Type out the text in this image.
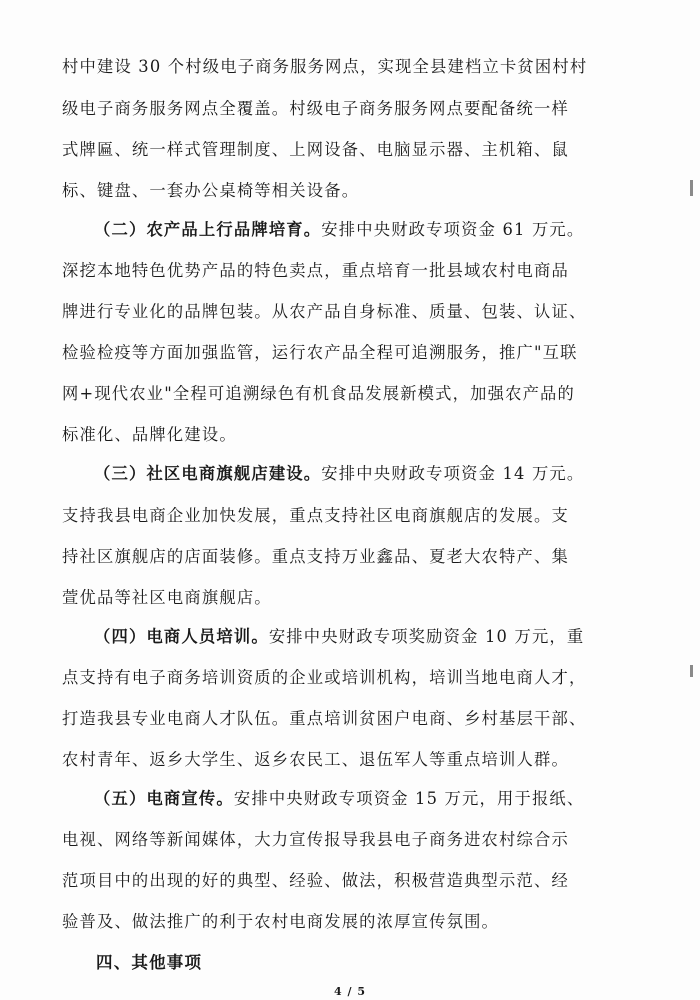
村中建设 30 个村级电子商务服务网点，实现全县建档立卡贫困村村
级电子商务服务网点全覆盖。村级电子商务服务网点要配备统一样
式牌匾、统一样式管理制度、上网设备、电脑显示器、主机箱、鼠
标、键盘、一套办公桌椅等相关设备。
（二）农产品上行品牌培育。安排中央财政专项资金 61 万元。
深挖本地特色优势产品的特色卖点，重点培育一批县域农村电商品
牌进行专业化的品牌包装。从农产品自身标准、质量、包装、认证、
检验检疫等方面加强监管，运行农产品全程可追溯服务，推广"互联
网+现代农业"全程可追溯绿色有机食品发展新模式，加强农产品的
标准化、品牌化建设。
（三）社区电商旗舰店建设。安排中央财政专项资金 14 万元。
支持我县电商企业加快发展，重点支持社区电商旗舰店的发展。支
持社区旗舰店的店面装修。重点支持万业鑫品、夏老大农特产、集
萱优品等社区电商旗舰店。
（四）电商人员培训。安排中央财政专项奖励资金 10 万元，重
点支持有电子商务培训资质的企业或培训机构，培训当地电商人才，
打造我县专业电商人才队伍。重点培训贫困户电商、乡村基层干部、
农村青年、返乡大学生、返乡农民工、退伍军人等重点培训人群。
（五）电商宣传。安排中央财政专项资金 15 万元，用于报纸、
电视、网络等新闻媒体，大力宣传报导我县电子商务进农村综合示
范项目中的出现的好的典型、经验、做法，积极营造典型示范、经
验普及、做法推广的利于农村电商发展的浓厚宣传氛围。
四、其他事项
4 / 5
